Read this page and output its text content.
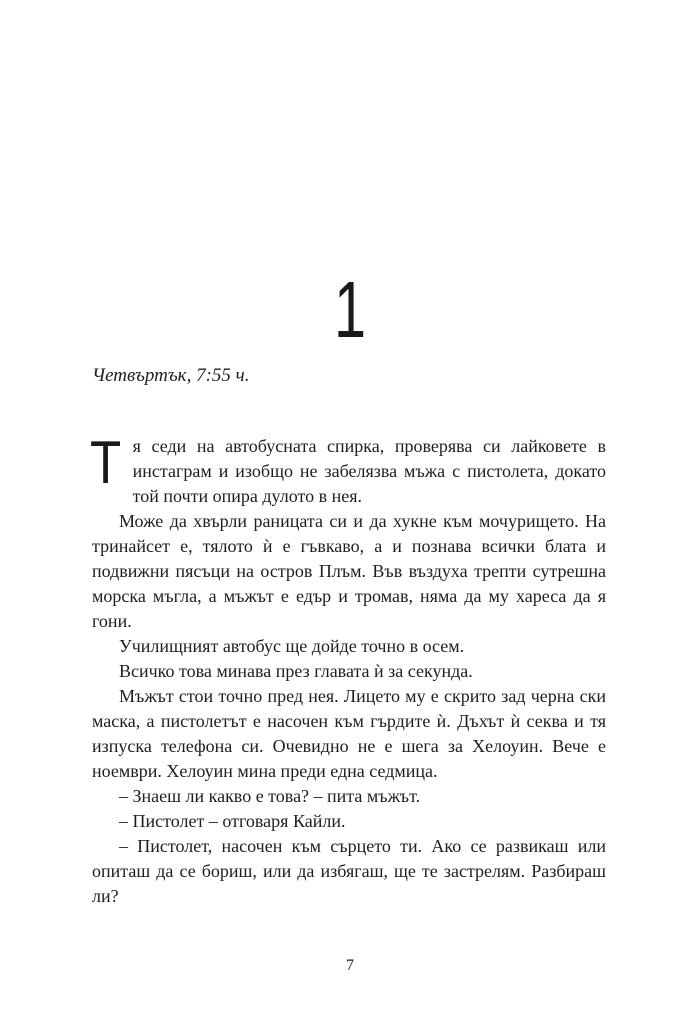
1

Четвъртък, 7:55 ч.

Тя седи на автобусната спирка, проверява си лайковете в инстаграм и изобщо не забелязва мъжа с пистолета, докато той почти опира дулото в нея.

Може да хвърли раницата си и да хукне към мочурището. На тринайсет е, тялото ѝ е гъвкаво, а и познава всички блата и подвижни пясъци на остров Плъм. Във въздуха трепти сутрешна морска мъгла, а мъжът е едър и тромав, няма да му хареса да я гони.

Училищният автобус ще дойде точно в осем.

Всичко това минава през главата ѝ за секунда.

Мъжът стои точно пред нея. Лицето му е скрито зад черна ски маска, а пистолетът е насочен към гърдите ѝ. Дъхът ѝ секва и тя изпуска телефона си. Очевидно не е шега за Хелоуин. Вече е ноември. Хелоуин мина преди една седмица.

– Знаеш ли какво е това? – пита мъжът.

– Пистолет – отговаря Кайли.

– Пистолет, насочен към сърцето ти. Ако се развикаш или опиташ да се бориш, или да избягаш, ще те застрелям. Разбираш ли?

7
